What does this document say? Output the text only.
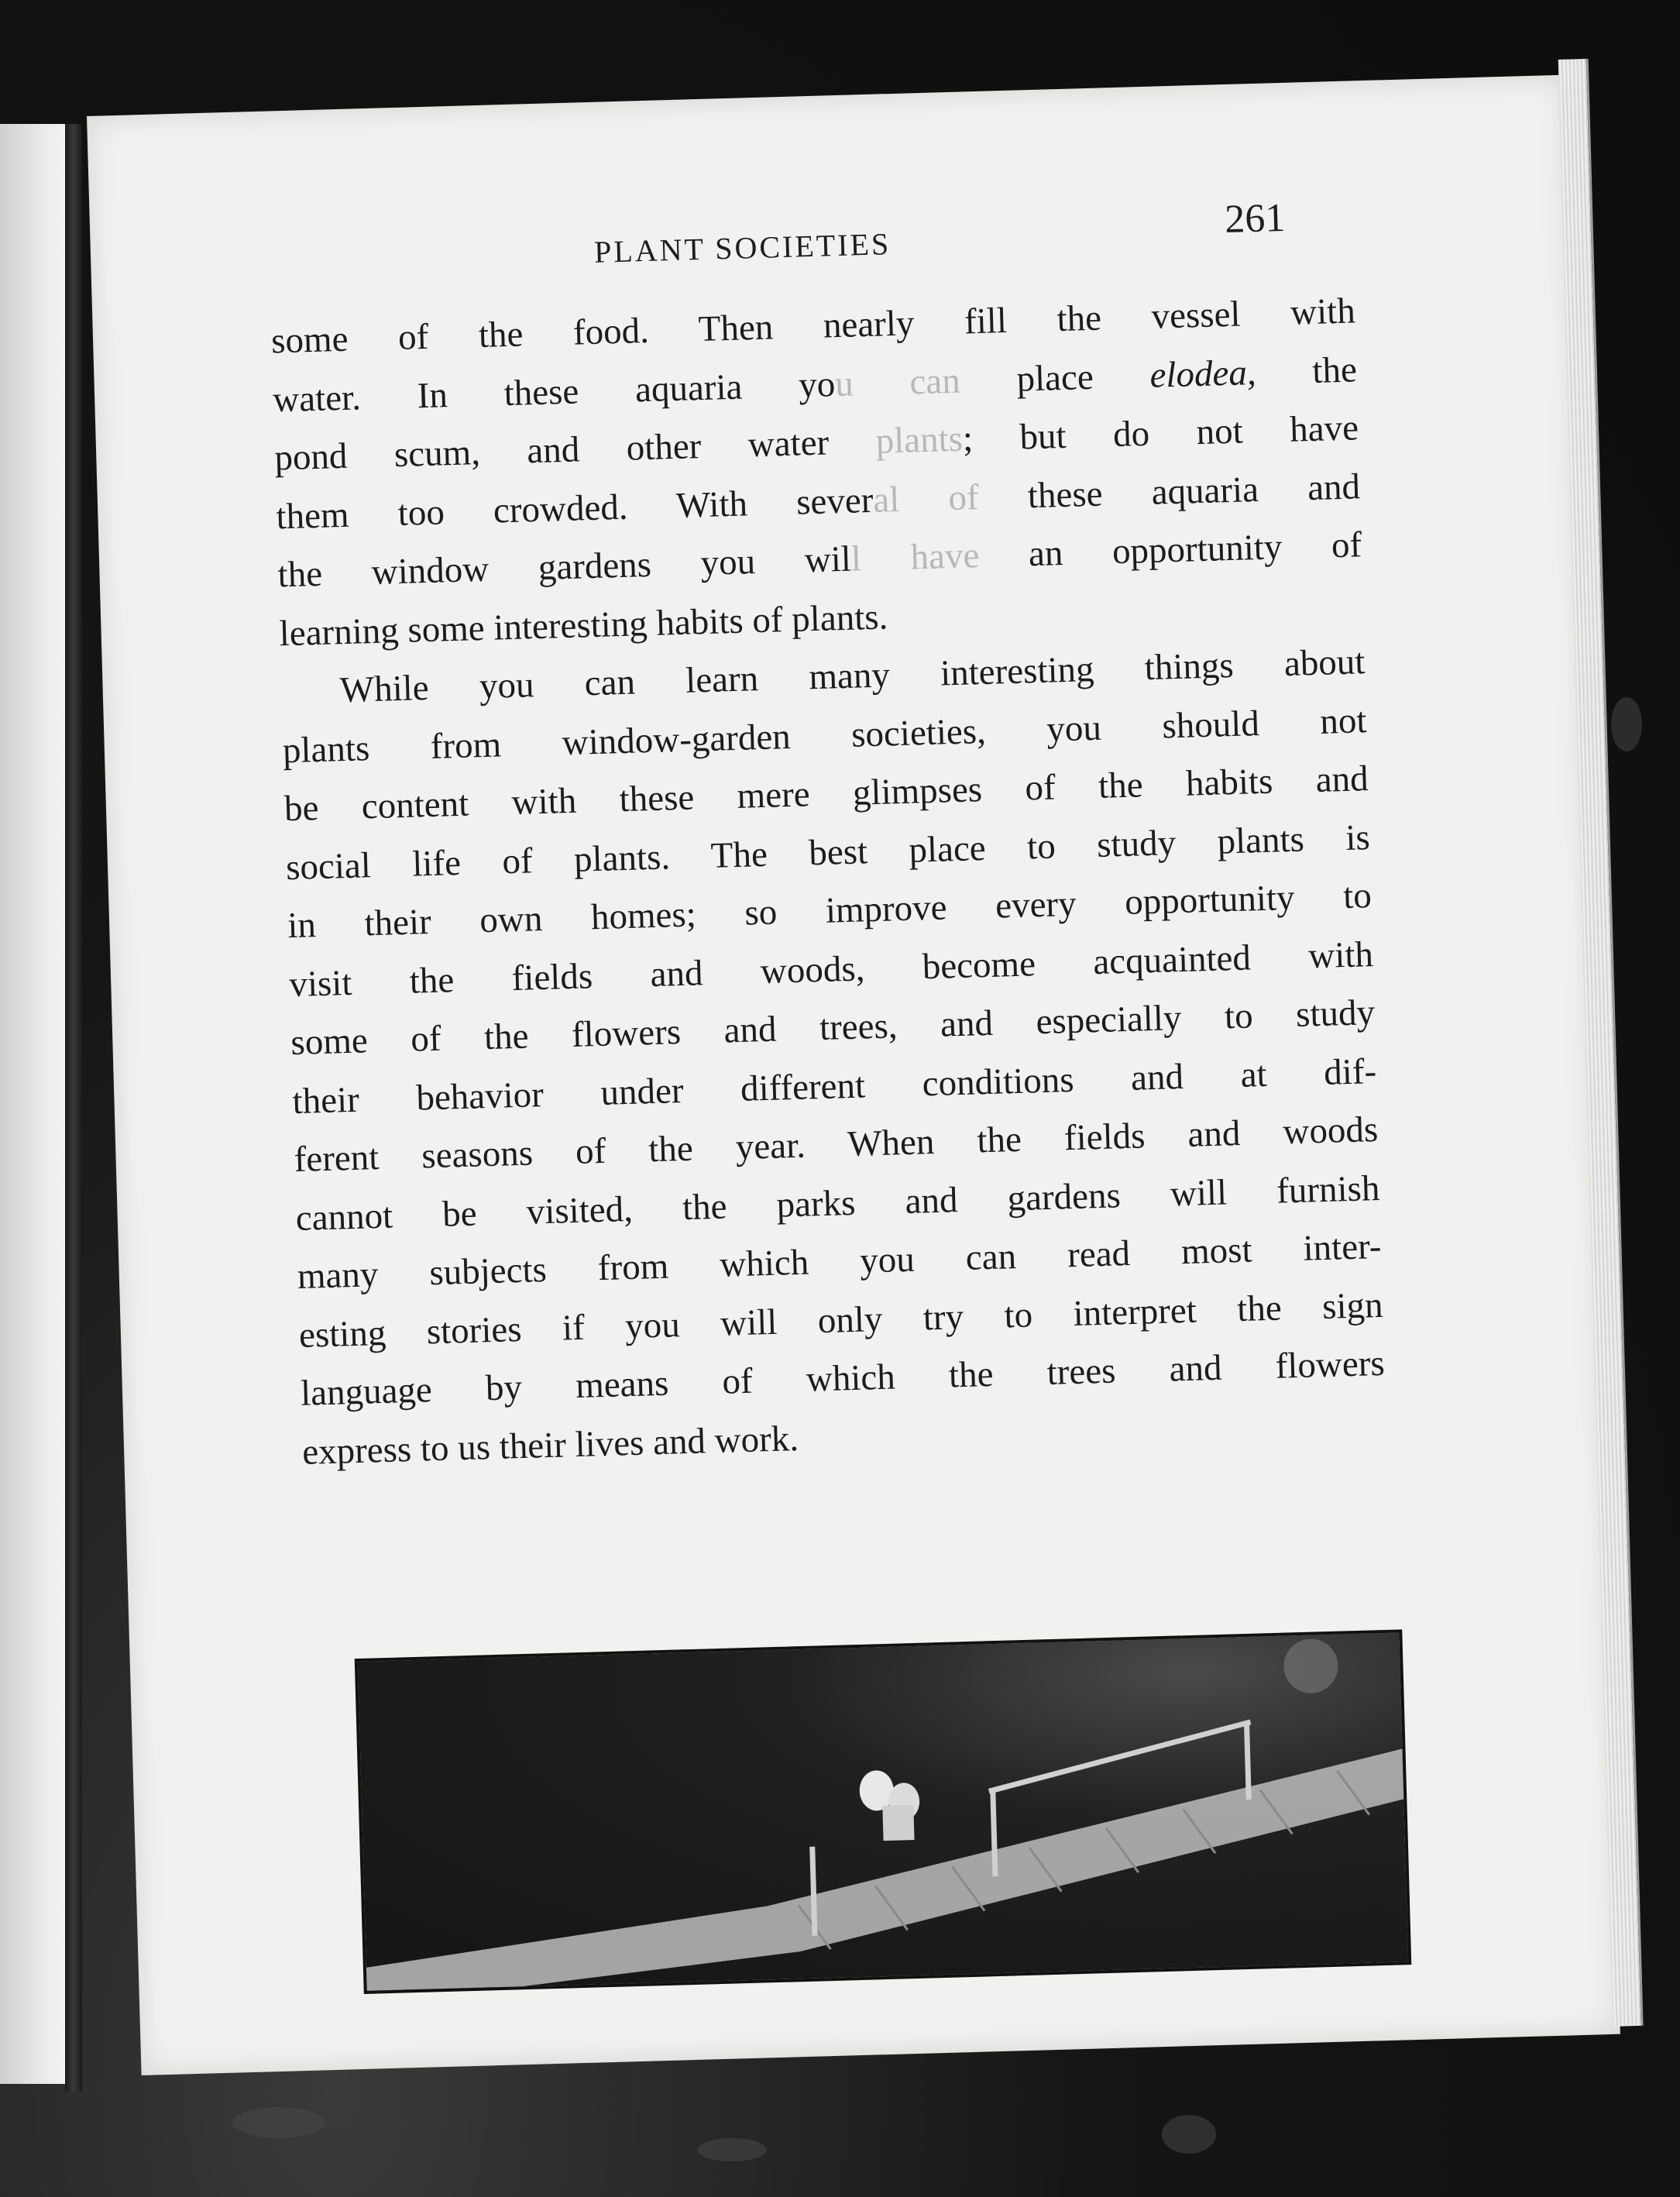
PLANT SOCIETIES
261
some of the food. Then nearly fill the vessel with
water. In these aquaria you can place elodea, the
pond scum, and other water plants; but do not have
them too crowded. With several of these aquaria and
the window gardens you will have an opportunity of
learning some interesting habits of plants.
While you can learn many interesting things about
plants from window-garden societies, you should not
be content with these mere glimpses of the habits and
social life of plants. The best place to study plants is
in their own homes; so improve every opportunity to
visit the fields and woods, become acquainted with
some of the flowers and trees, and especially to study
their behavior under different conditions and at dif-
ferent seasons of the year. When the fields and woods
cannot be visited, the parks and gardens will furnish
many subjects from which you can read most inter-
esting stories if you will only try to interpret the sign
language by means of which the trees and flowers
express to us their lives and work.
